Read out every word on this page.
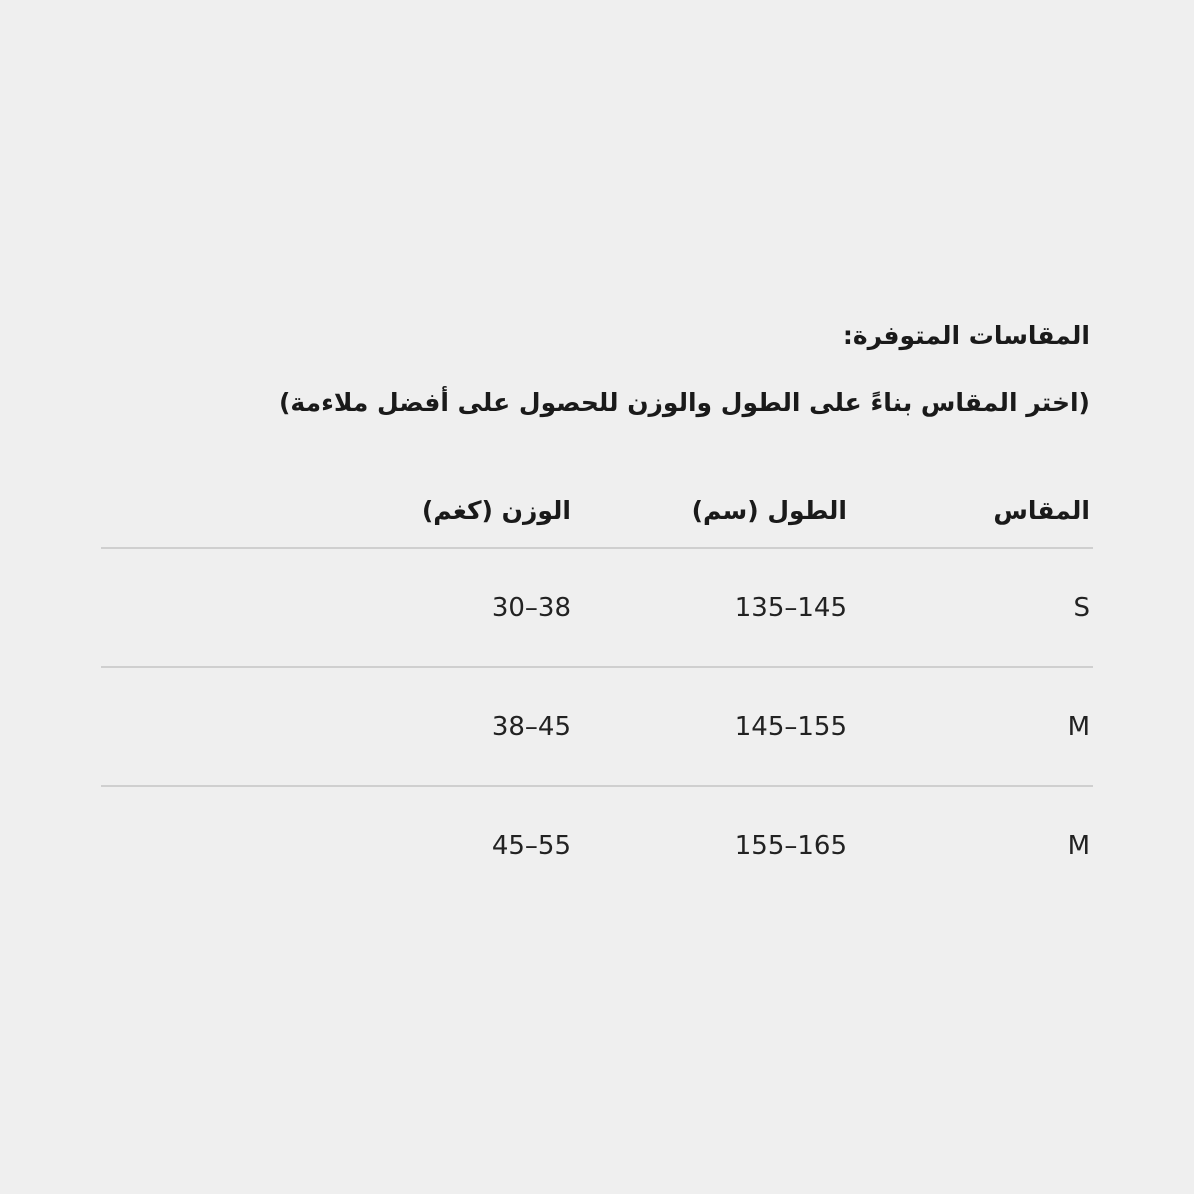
المقاسات المتوفرة:
(اختر المقاس بناءً على الطول والوزن للحصول على أفضل ملاءمة)
المقاس	الطول (سم)	الوزن (كغم)
S	135–145	30–38
M	145–155	38–45
M	155–165	45–55
